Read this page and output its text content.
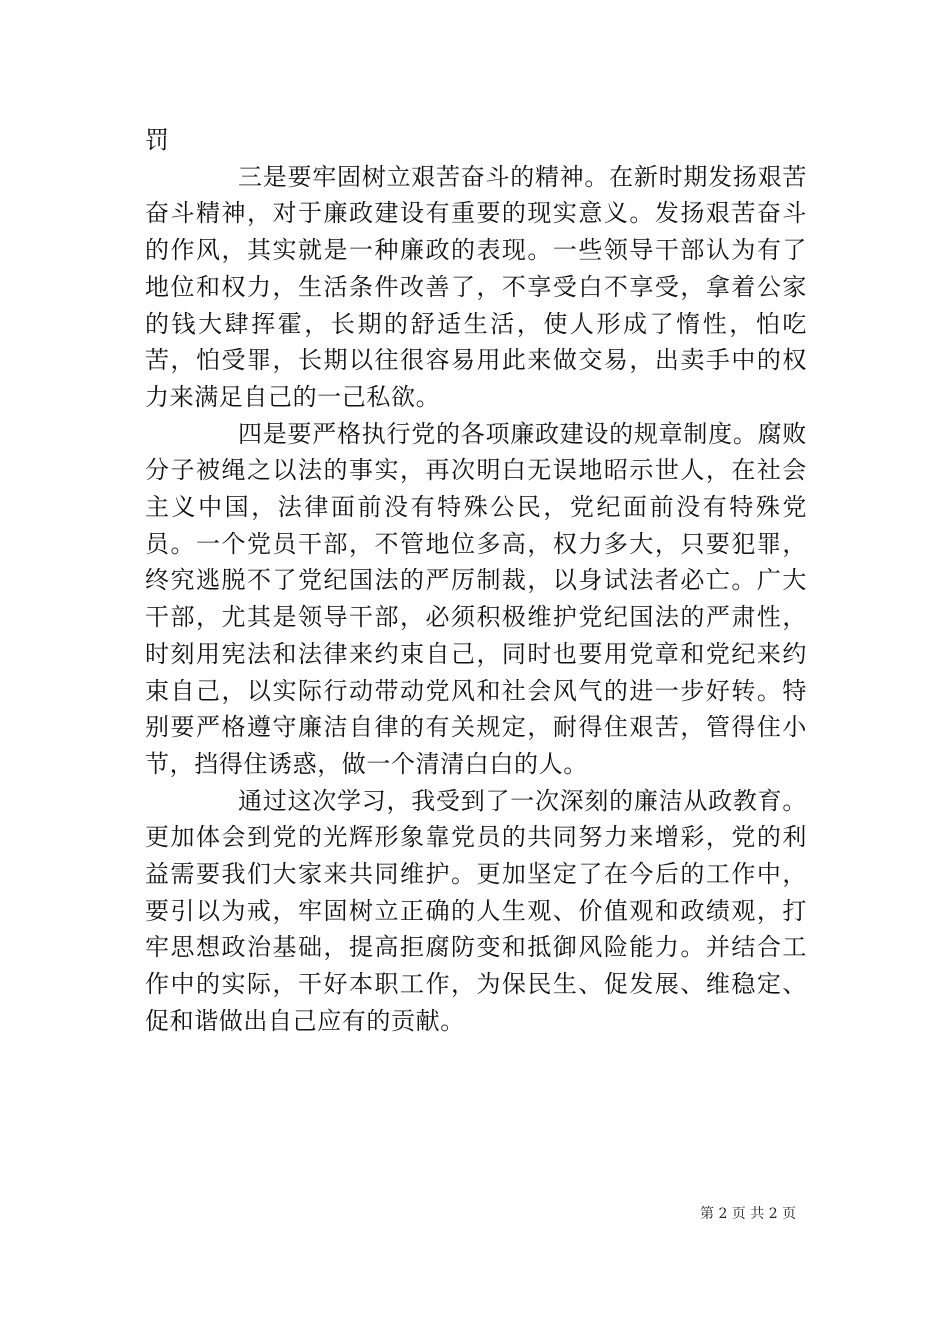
罚

三是要牢固树立艰苦奋斗的精神。在新时期发扬艰苦奋斗精神，对于廉政建设有重要的现实意义。发扬艰苦奋斗的作风，其实就是一种廉政的表现。一些领导干部认为有了地位和权力，生活条件改善了，不享受白不享受，拿着公家的钱大肆挥霍，长期的舒适生活，使人形成了惰性，怕吃苦，怕受罪，长期以往很容易用此来做交易，出卖手中的权力来满足自己的一己私欲。

四是要严格执行党的各项廉政建设的规章制度。腐败分子被绳之以法的事实，再次明白无误地昭示世人，在社会主义中国，法律面前没有特殊公民，党纪面前没有特殊党员。一个党员干部，不管地位多高，权力多大，只要犯罪，终究逃脱不了党纪国法的严厉制裁，以身试法者必亡。广大干部，尤其是领导干部，必须积极维护党纪国法的严肃性，时刻用宪法和法律来约束自己，同时也要用党章和党纪来约束自己，以实际行动带动党风和社会风气的进一步好转。特别要严格遵守廉洁自律的有关规定，耐得住艰苦，管得住小节，挡得住诱惑，做一个清清白白的人。

通过这次学习，我受到了一次深刻的廉洁从政教育。更加体会到党的光辉形象靠党员的共同努力来增彩，党的利益需要我们大家来共同维护。更加坚定了在今后的工作中，要引以为戒，牢固树立正确的人生观、价值观和政绩观，打牢思想政治基础，提高拒腐防变和抵御风险能力。并结合工作中的实际，干好本职工作，为保民生、促发展、维稳定、促和谐做出自己应有的贡献。

第 2 页 共 2 页
